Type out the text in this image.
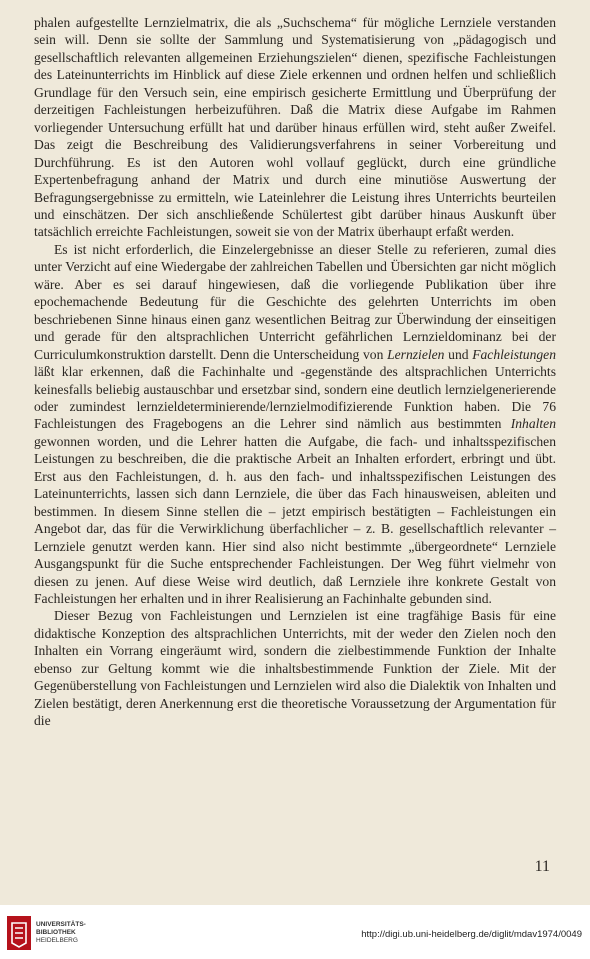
phalen aufgestellte Lernzielmatrix, die als „Suchschema“ für mögliche Lernziele verstanden sein will. Denn sie sollte der Sammlung und Systematisierung von „pädagogisch und gesellschaftlich relevanten allgemeinen Erziehungszielen“ dienen, spezifische Fachleistungen des Lateinunterrichts im Hinblick auf diese Ziele erkennen und ordnen helfen und schließlich Grundlage für den Versuch sein, eine empirisch gesicherte Ermittlung und Überprüfung der derzeitigen Fachleistungen herbeizuführen. Daß die Matrix diese Aufgabe im Rahmen vorliegender Untersuchung erfüllt hat und darüber hinaus erfüllen wird, steht außer Zweifel. Das zeigt die Beschreibung des Validierungsverfahrens in seiner Vorbereitung und Durchführung. Es ist den Autoren wohl vollauf geglückt, durch eine gründliche Expertenbefragung anhand der Matrix und durch eine minutiöse Auswertung der Befragungsergebnisse zu ermitteln, wie Lateinlehrer die Leistung ihres Unterrichts beurteilen und einschätzen. Der sich anschließende Schülertest gibt darüber hinaus Auskunft über tatsächlich erreichte Fachleistungen, soweit sie von der Matrix überhaupt erfaßt werden.

Es ist nicht erforderlich, die Einzelergebnisse an dieser Stelle zu referieren, zumal dies unter Verzicht auf eine Wiedergabe der zahlreichen Tabellen und Übersichten gar nicht möglich wäre. Aber es sei darauf hingewiesen, daß die vorliegende Publikation über ihre epochemachende Bedeutung für die Geschichte des gelehrten Unterrichts im oben beschriebenen Sinne hinaus einen ganz wesentlichen Beitrag zur Überwindung der einseitigen und gerade für den altsprachlichen Unterricht gefährlichen Lernzieldominanz bei der Curriculumkonstruktion darstellt. Denn die Unterscheidung von Lernzielen und Fachleistungen läßt klar erkennen, daß die Fachinhalte und -gegenstände des altsprachlichen Unterrichts keinesfalls beliebig austauschbar und ersetzbar sind, sondern eine deutlich lernzielgenerierende oder zumindest lernzieldeterminierende/lernzielmodifizierende Funktion haben. Die 76 Fachleistungen des Fragebogens an die Lehrer sind nämlich aus bestimmten Inhalten gewonnen worden, und die Lehrer hatten die Aufgabe, die fach- und inhaltsspezifischen Leistungen zu beschreiben, die die praktische Arbeit an Inhalten erfordert, erbringt und übt. Erst aus den Fachleistungen, d. h. aus den fach- und inhaltsspezifischen Leistungen des Lateinunterrichts, lassen sich dann Lernziele, die über das Fach hinausweisen, ableiten und bestimmen. In diesem Sinne stellen die – jetzt empirisch bestätigten – Fachleistungen ein Angebot dar, das für die Verwirklichung überfachlicher – z. B. gesellschaftlich relevanter – Lernziele genutzt werden kann. Hier sind also nicht bestimmte „übergeordnete“ Lernziele Ausgangspunkt für die Suche entsprechender Fachleistungen. Der Weg führt vielmehr von diesen zu jenen. Auf diese Weise wird deutlich, daß Lernziele ihre konkrete Gestalt von Fachleistungen her erhalten und in ihrer Realisierung an Fachinhalte gebunden sind.

Dieser Bezug von Fachleistungen und Lernzielen ist eine tragfähige Basis für eine didaktische Konzeption des altsprachlichen Unterrichts, mit der weder den Zielen noch den Inhalten ein Vorrang eingeräumt wird, sondern die zielbestimmende Funktion der Inhalte ebenso zur Geltung kommt wie die inhaltsbestimmende Funktion der Ziele. Mit der Gegenüberstellung von Fachleistungen und Lernzielen wird also die Dialektik von Inhalten und Zielen bestätigt, deren Anerkennung erst die theoretische Voraussetzung der Argumentation für die

11
UNIVERSITÄTS-
BIBLIOTHEK
HEIDELBERG
http://digi.ub.uni-heidelberg.de/diglit/mdav1974/0049
